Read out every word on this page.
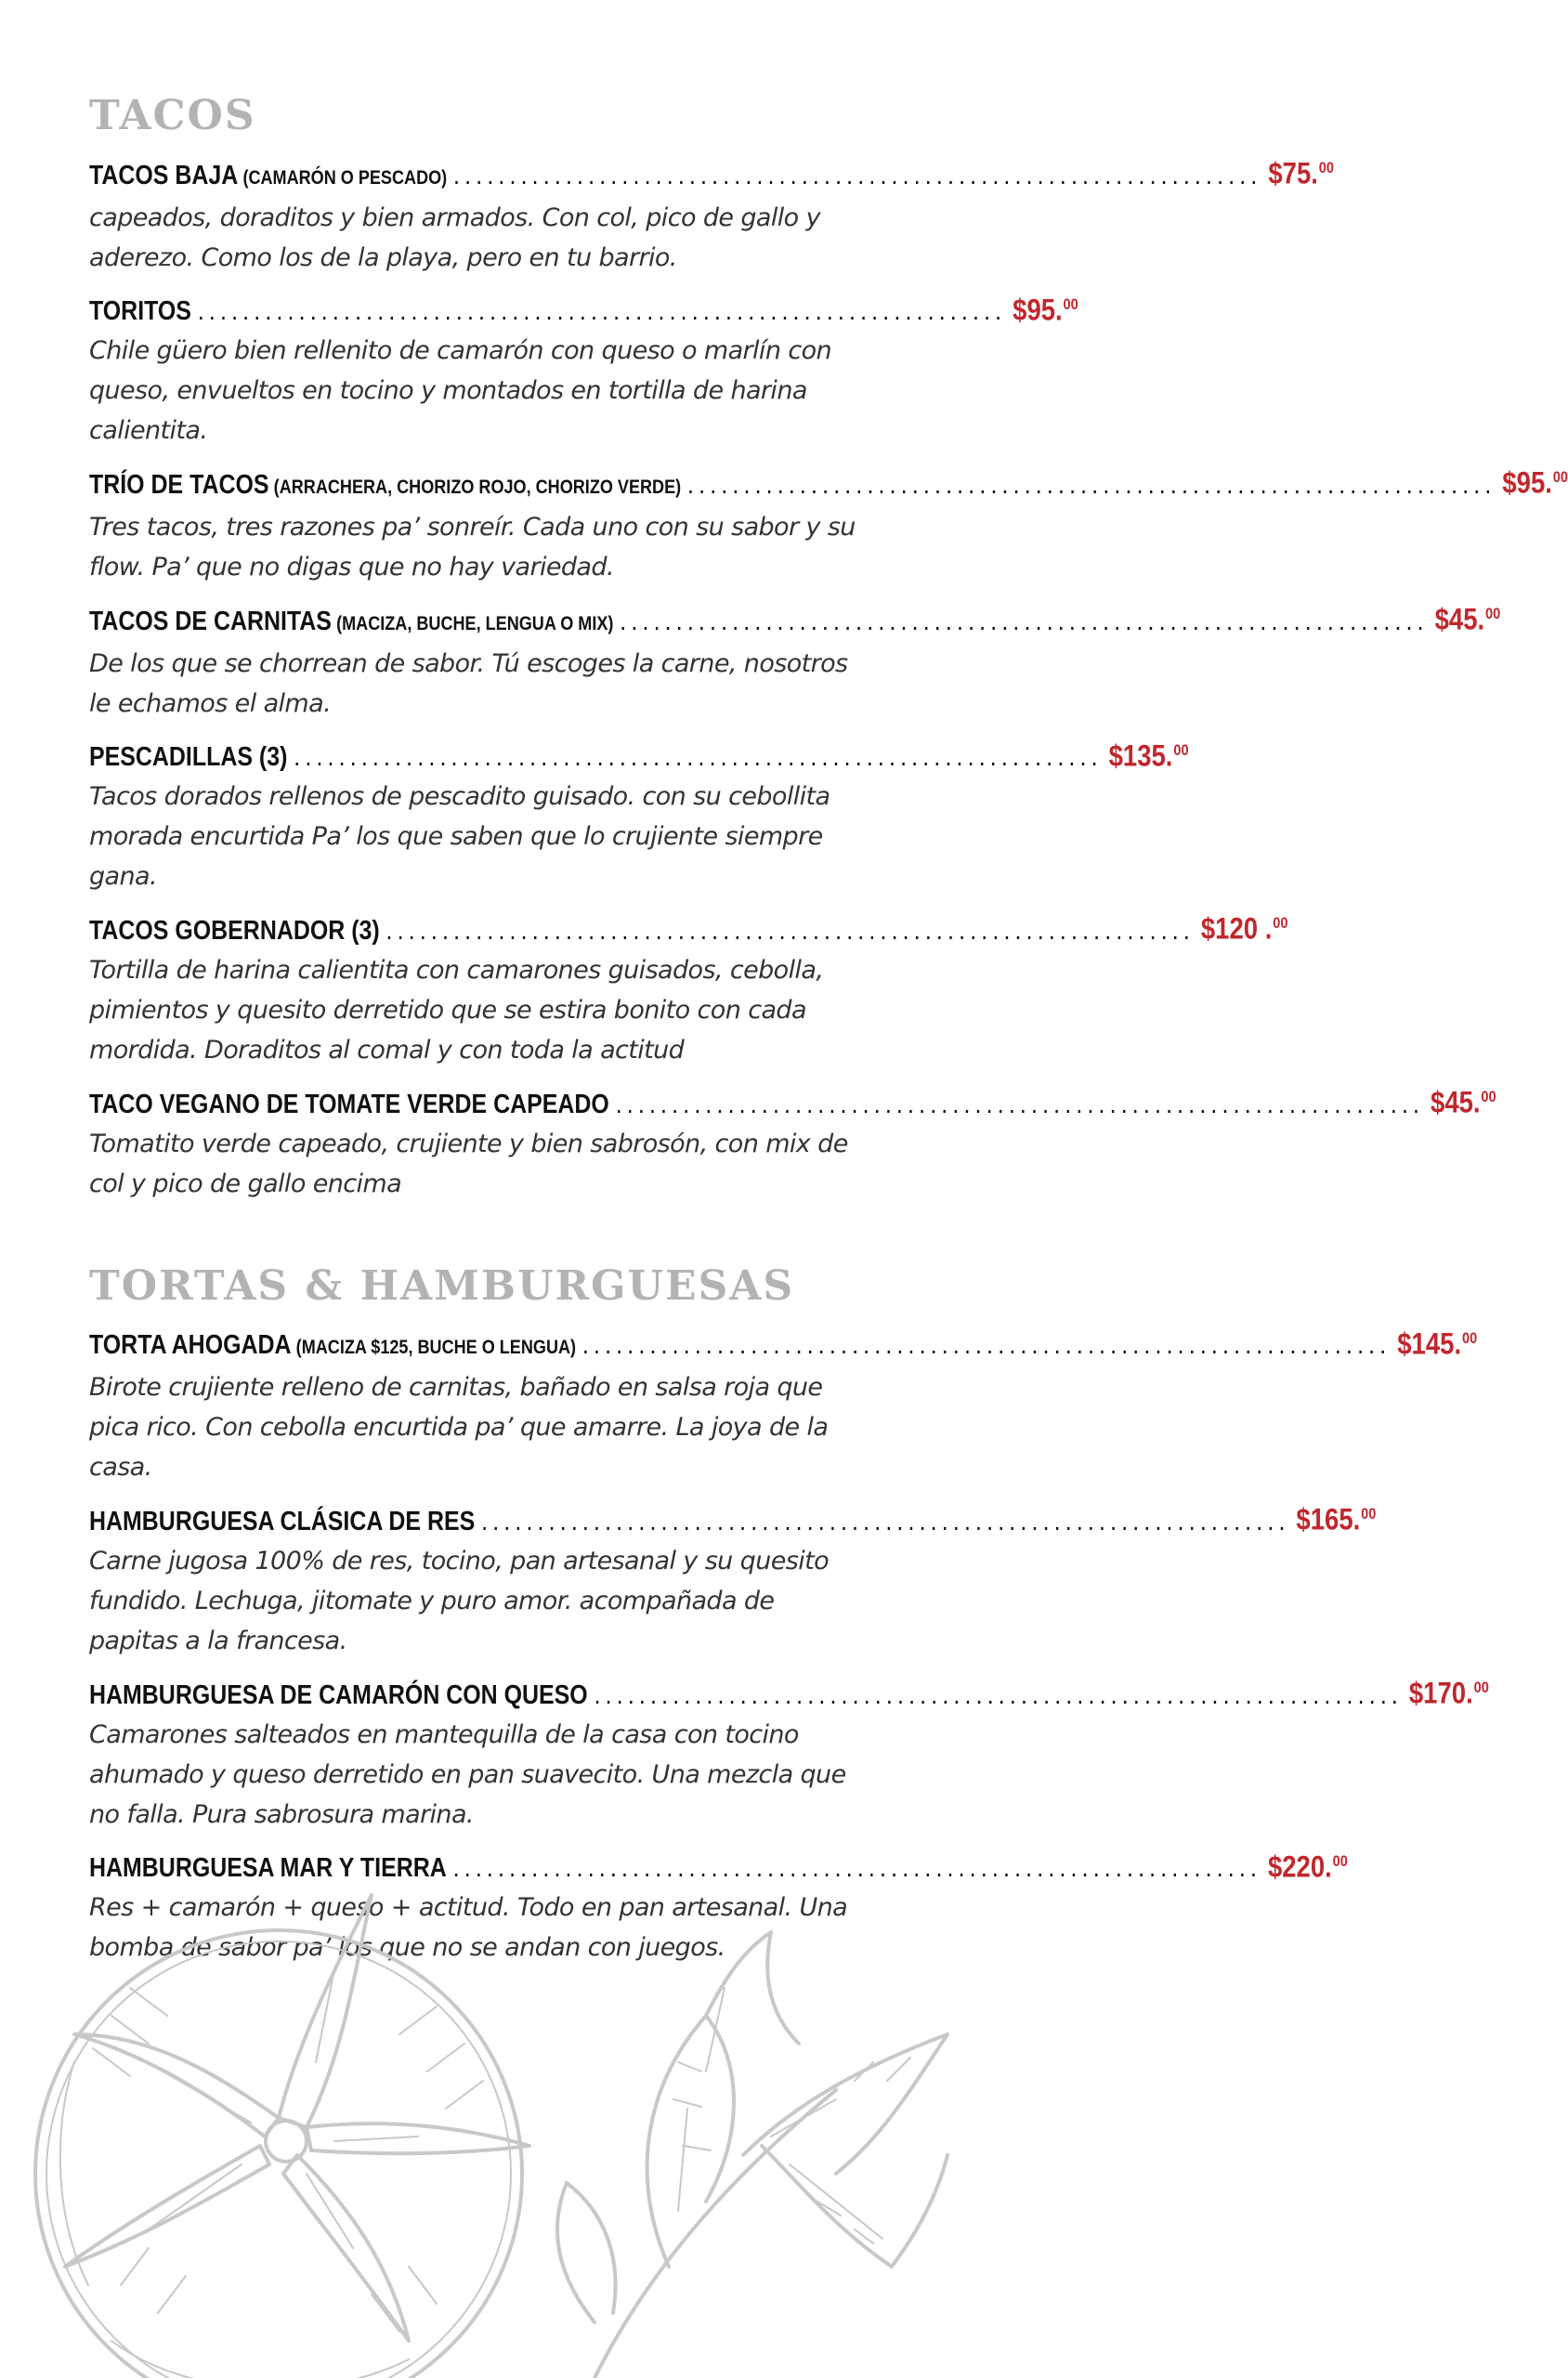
TACOS
TACOS BAJA (CAMARÓN O PESCADO) ........................................................................ $75.00

capeados, doraditos y bien armados. Con col, pico de gallo y aderezo. Como los de la playa, pero en tu barrio.

TORITOS ........................................................................ $95.00

Chile güero bien rellenito de camarón con queso o marlín con queso, envueltos en tocino y montados en tortilla de harina calientita.

TRÍO DE TACOS (ARRACHERA, CHORIZO ROJO, CHORIZO VERDE) ........................................................................ $95.00

Tres tacos, tres razones pa’ sonreír. Cada uno con su sabor y su flow. Pa’ que no digas que no hay variedad.

TACOS DE CARNITAS (MACIZA, BUCHE, LENGUA O MIX) ........................................................................ $45.00

De los que se chorrean de sabor. Tú escoges la carne, nosotros le echamos el alma.

PESCADILLAS (3) ........................................................................ $135.00

Tacos dorados rellenos de pescadito guisado. con su cebollita morada encurtida Pa’ los que saben que lo crujiente siempre gana.

TACOS GOBERNADOR (3) ........................................................................ $120 .$^{00}$

Tortilla de harina calientita con camarones guisados, cebolla, pimientos y quesito derretido que se estira bonito con cada mordida. Doraditos al comal y con toda la actitud

TACO VEGANO DE TOMATE VERDE CAPEADO ........................................................................ $45.00

Tomatito verde capeado, crujiente y bien sabrosón, con mix de col y pico de gallo encima

TORTAS & HAMBURGUESAS
TORTA AHOGADA (MACIZA $125, BUCHE O LENGUA) ........................................................................ $145.00

Birote crujiente relleno de carnitas, bañado en salsa roja que pica rico. Con cebolla encurtida pa’ que amarre. La joya de la casa.

HAMBURGUESA CLÁSICA DE RES ........................................................................ $165.00

Carne jugosa 100% de res, tocino, pan artesanal y su quesito fundido. Lechuga, jitomate y puro amor. acompañada de papitas a la francesa.

HAMBURGUESA DE CAMARÓN CON QUESO ........................................................................ $170.00

Camarones salteados en mantequilla de la casa con tocino ahumado y queso derretido en pan suavecito. Una mezcla que no falla. Pura sabrosura marina.

HAMBURGUESA MAR Y TIERRA ........................................................................ $220.00

Res + camarón + queso + actitud. Todo en pan artesanal. Una bomba de sabor pa’ los que no se andan con juegos.
